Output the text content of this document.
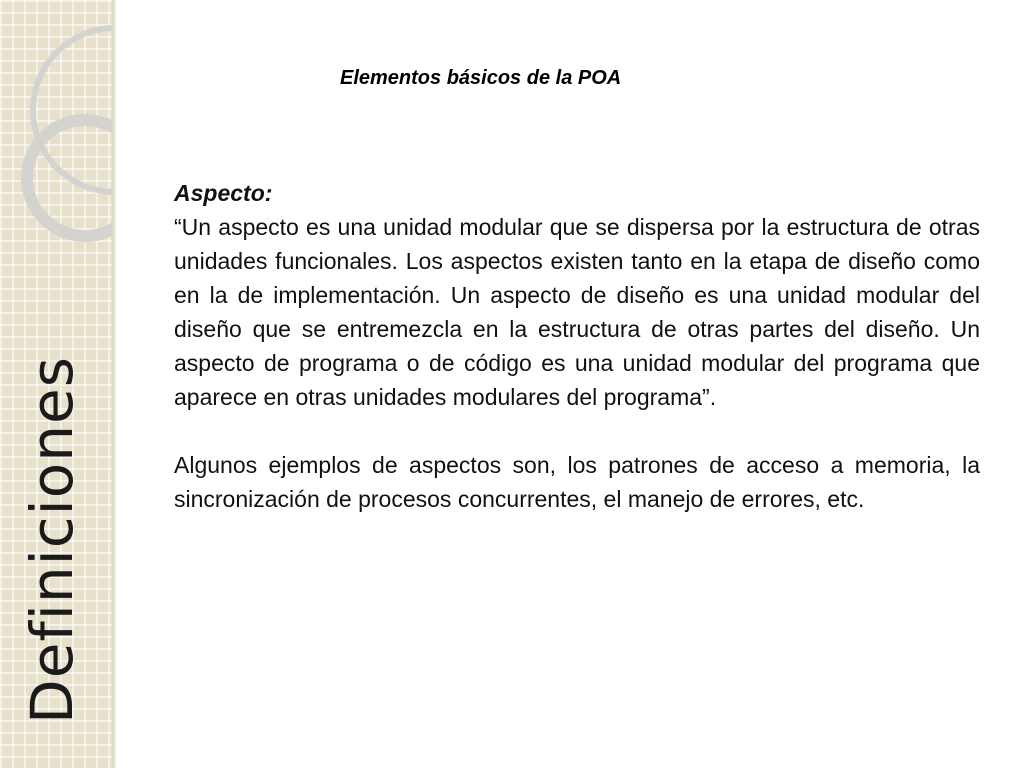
Definiciones
Elementos básicos de la POA

Aspecto:

“Un aspecto es una unidad modular que se dispersa por la estructura de otras unidades funcionales. Los aspectos existen tanto en la etapa de diseño como en la de implementación. Un aspecto de diseño es una unidad modular del diseño que se entremezcla en la estructura de otras partes del diseño. Un aspecto de programa o de código es una unidad modular del programa que aparece en otras unidades modulares del programa”.

Algunos ejemplos de aspectos son, los patrones de acceso a memoria, la sincronización de procesos concurrentes, el manejo de errores, etc.
